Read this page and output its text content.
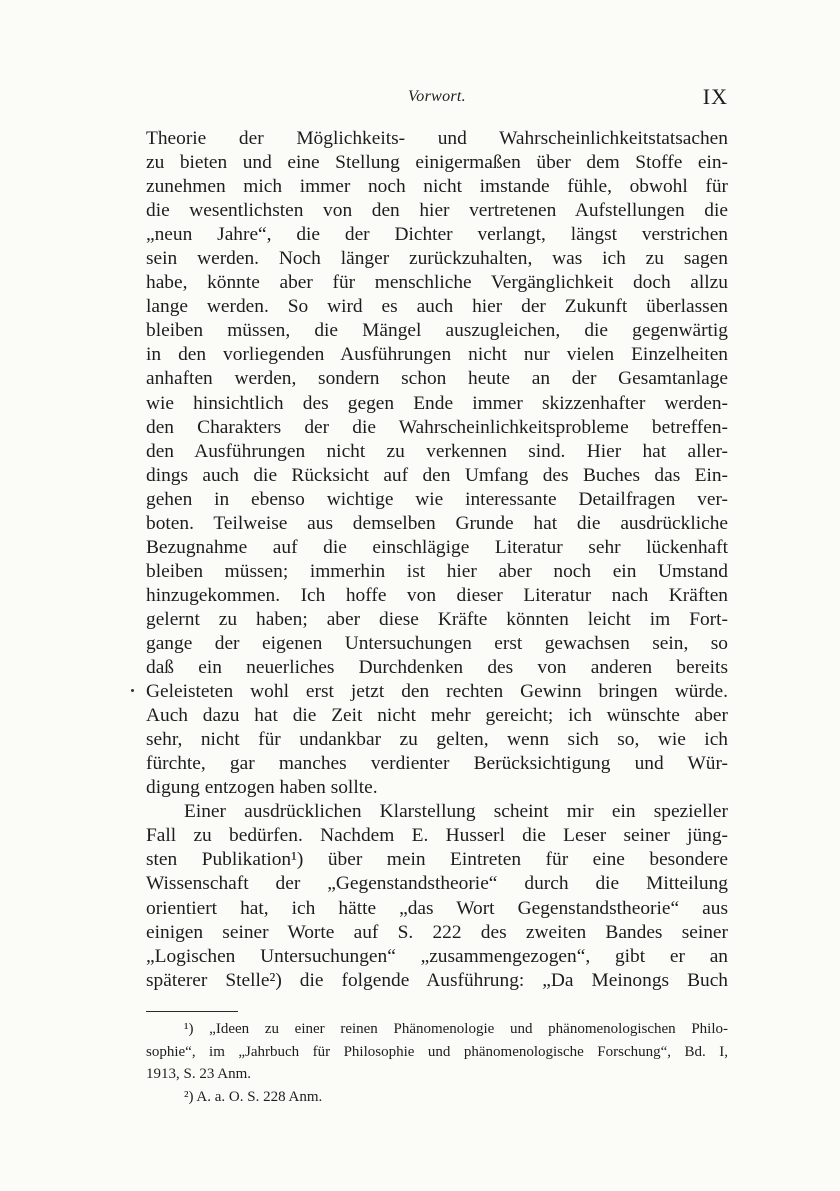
Vorwort.	IX
Theorie der Möglichkeits- und Wahrscheinlichkeitstatsachen
zu bieten und eine Stellung einigermaßen über dem Stoffe ein-
zunehmen mich immer noch nicht imstande fühle, obwohl für
die wesentlichsten von den hier vertretenen Aufstellungen die
„neun Jahre“, die der Dichter verlangt, längst verstrichen
sein werden. Noch länger zurückzuhalten, was ich zu sagen
habe, könnte aber für menschliche Vergänglichkeit doch allzu
lange werden. So wird es auch hier der Zukunft überlassen
bleiben müssen, die Mängel auszugleichen, die gegenwärtig
in den vorliegenden Ausführungen nicht nur vielen Einzelheiten
anhaften werden, sondern schon heute an der Gesamtanlage
wie hinsichtlich des gegen Ende immer skizzenhafter werden-
den Charakters der die Wahrscheinlichkeitsprobleme betreffen-
den Ausführungen nicht zu verkennen sind. Hier hat aller-
dings auch die Rücksicht auf den Umfang des Buches das Ein-
gehen in ebenso wichtige wie interessante Detailfragen ver-
boten. Teilweise aus demselben Grunde hat die ausdrückliche
Bezugnahme auf die einschlägige Literatur sehr lückenhaft
bleiben müssen; immerhin ist hier aber noch ein Umstand
hinzugekommen. Ich hoffe von dieser Literatur nach Kräften
gelernt zu haben; aber diese Kräfte könnten leicht im Fort-
gange der eigenen Untersuchungen erst gewachsen sein, so
daß ein neuerliches Durchdenken des von anderen bereits
Geleisteten wohl erst jetzt den rechten Gewinn bringen würde.
Auch dazu hat die Zeit nicht mehr gereicht; ich wünschte aber
sehr, nicht für undankbar zu gelten, wenn sich so, wie ich
fürchte, gar manches verdienter Berücksichtigung und Wür-
digung entzogen haben sollte.
Einer ausdrücklichen Klarstellung scheint mir ein spezieller
Fall zu bedürfen. Nachdem E. Husserl die Leser seiner jüng-
sten Publikation¹) über mein Eintreten für eine besondere
Wissenschaft der „Gegenstandstheorie“ durch die Mitteilung
orientiert hat, ich hätte „das Wort Gegenstandstheorie“ aus
einigen seiner Worte auf S. 222 des zweiten Bandes seiner
„Logischen Untersuchungen“ „zusammengezogen“, gibt er an
späterer Stelle²) die folgende Ausführung: „Da Meinongs Buch
¹) „Ideen zu einer reinen Phänomenologie und phänomenologischen Philo-
sophie“, im „Jahrbuch für Philosophie und phänomenologische Forschung“, Bd. I,
1913, S. 23 Anm.
²) A. a. O. S. 228 Anm.
